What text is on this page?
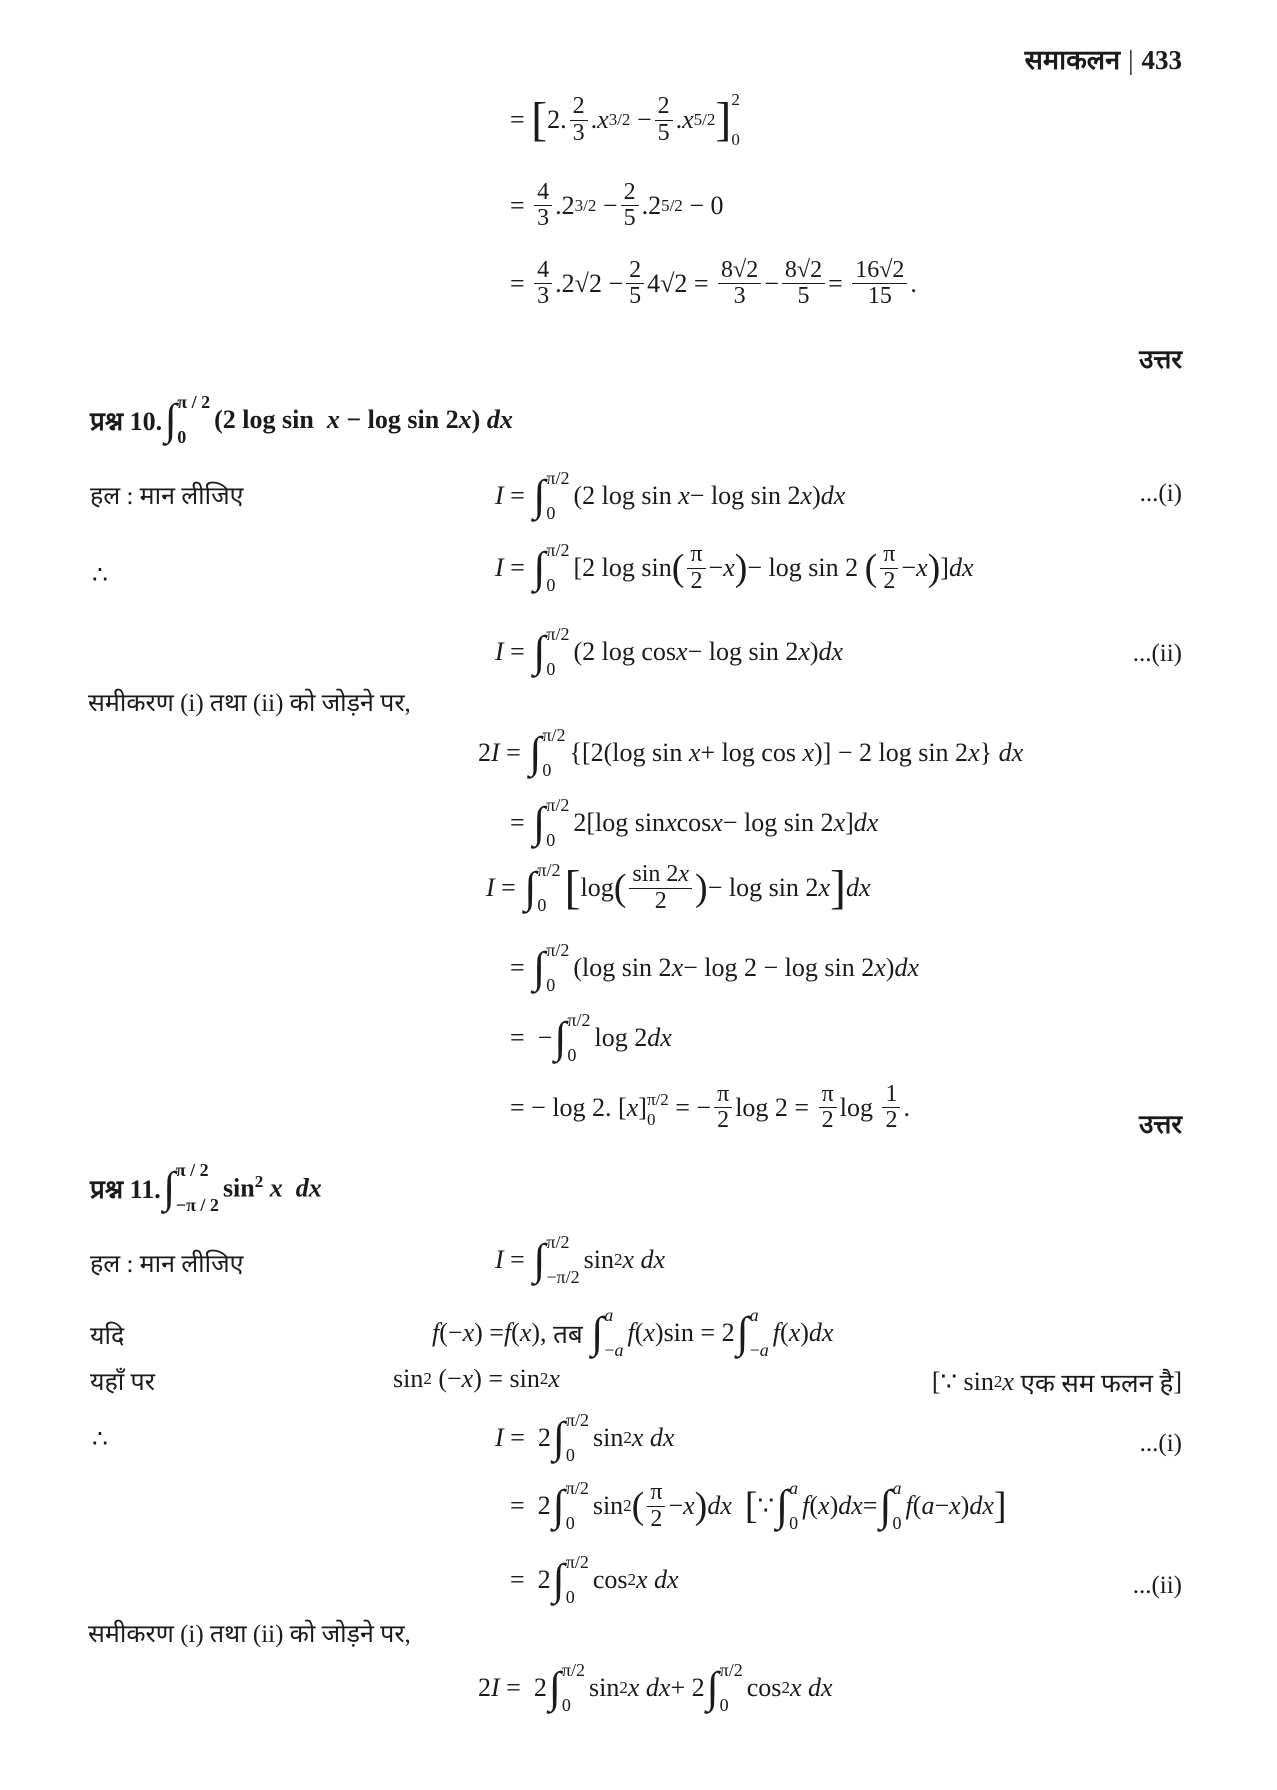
समाकलन | 433
=
[ 2. $\frac{2}{3}$ . x $3/2 - \frac{2}{5}$ . x 5/2 ] 2
0
=
$\frac{4}{3} .2$ $3/2 - \frac{2}{5} .2$ 5/2 − 0
=
$\frac{4}{3} .2√2 - \frac{2}{5} 4√2 = \frac{8√2}{3} - \frac{8√2}{5} = \frac{16√2}{15}$ .
उत्तर
प्रश्न 10. ∫ π / 2
0
(2 log sin  x − log sin 2x) dx
हल : मान लीजिए	I = ∫ π/2
0
(2 log sin x − log sin 2 x ) dx	...(i)
∴	I = ∫ π/2
0
[2 log sin ( $\frac{\pi}{2} - x$ ) − log sin 2 ( $\frac{\pi}{2} - x$ ) ] dx
I = ∫ π/2
0
(2 log cos x − log sin 2 x ) dx	...(ii)
समीकरण (i) तथा (ii) को जोड़ने पर,
2 I = ∫ π/2
0
{[2(log sin x + log cos x )] − 2 log sin 2 x } dx
= ∫ π/2
0
2[log sin x cos x − log sin 2 x ] dx
I = ∫ π/2
0 [ log ( $\frac{\sin 2x}{2}$ ) − log sin 2 x ] dx
= ∫ π/2
0
(log sin 2 x − log 2 − log sin 2 x ) dx
=  − ∫ π/2
0
log 2 dx
= − log 2. [ x ] π/2
0 = − $\frac{\pi}{2}$ $\log 2 = \frac{\pi}{2}$ $\log \frac{1}{2}$ .
उत्तर
प्रश्न 11. ∫ π / 2
−π / 2
$\sin^2 x$  dx
हल : मान लीजिए	I = ∫ π/2
−π/2
sin 2 x dx
यदि	f (− x ) = f ( x ), तब
∫ a
−a
f ( x )sin = 2 ∫ a
−a
f ( x ) dx
यहाँ पर	sin 2 (− x ) = sin 2 x	[∵ sin 2 x
एक सम फलन है ]
∴	I =  2 ∫ π/2
0
sin 2 x dx	...(i)
=  2 ∫ π/2
0
sin 2 ( $\frac{\pi}{2} - x$ ) dx
[ ∵ ∫ a
0
f ( x ) dx = ∫ a
0
f ( a − x ) dx ]
=  2 ∫ π/2
0
cos 2 x dx	...(ii)
समीकरण (i) तथा (ii) को जोड़ने पर,
2 I =  2 ∫ π/2
0
sin 2 x dx + 2 ∫ π/2
0
cos 2 x dx
